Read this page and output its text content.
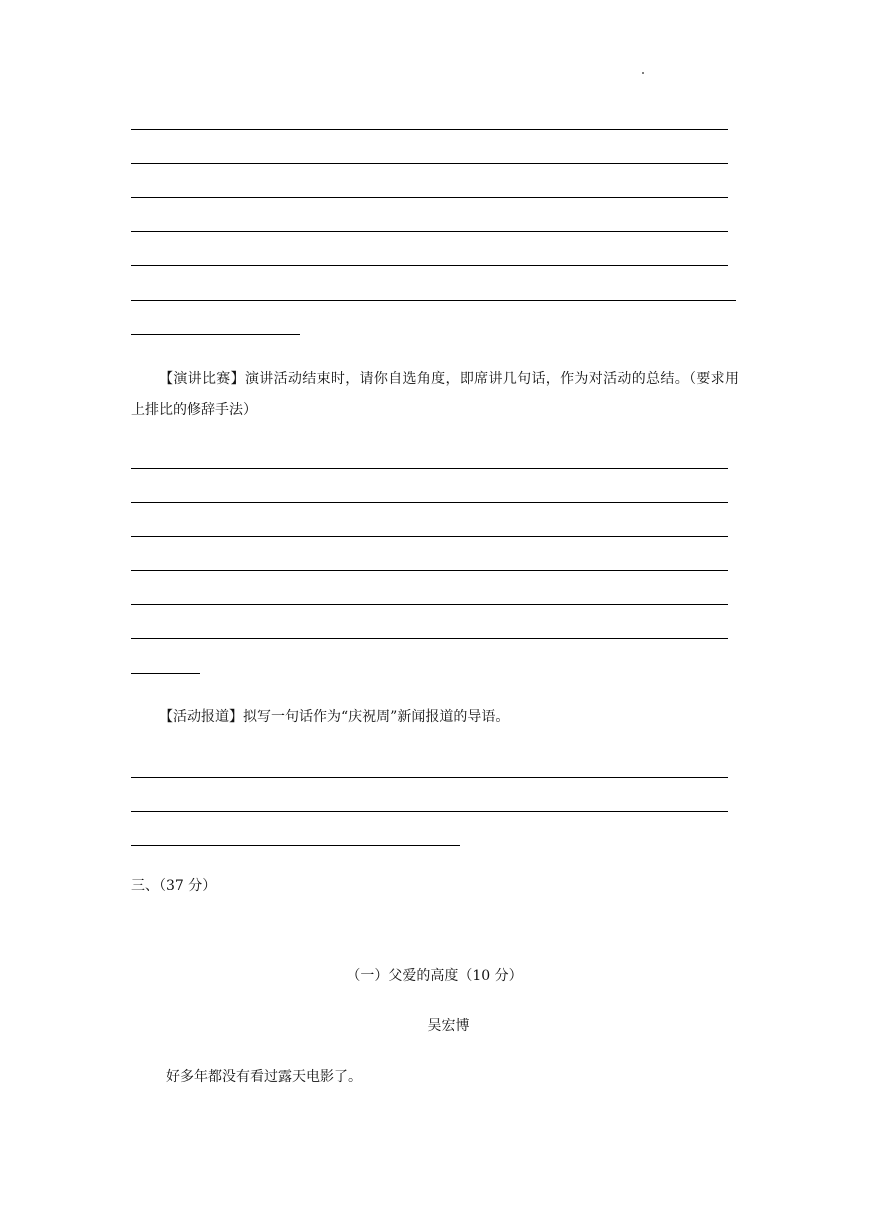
【演讲比赛】演讲活动结束时，请你自选角度，即席讲几句话，作为对活动的总结。（要求用上排比的修辞手法）
【活动报道】拟写一句话作为“庆祝周”新闻报道的导语。
三、（37 分）
（一）父爱的高度（10 分）
吴宏博
好多年都没有看过露天电影了。
